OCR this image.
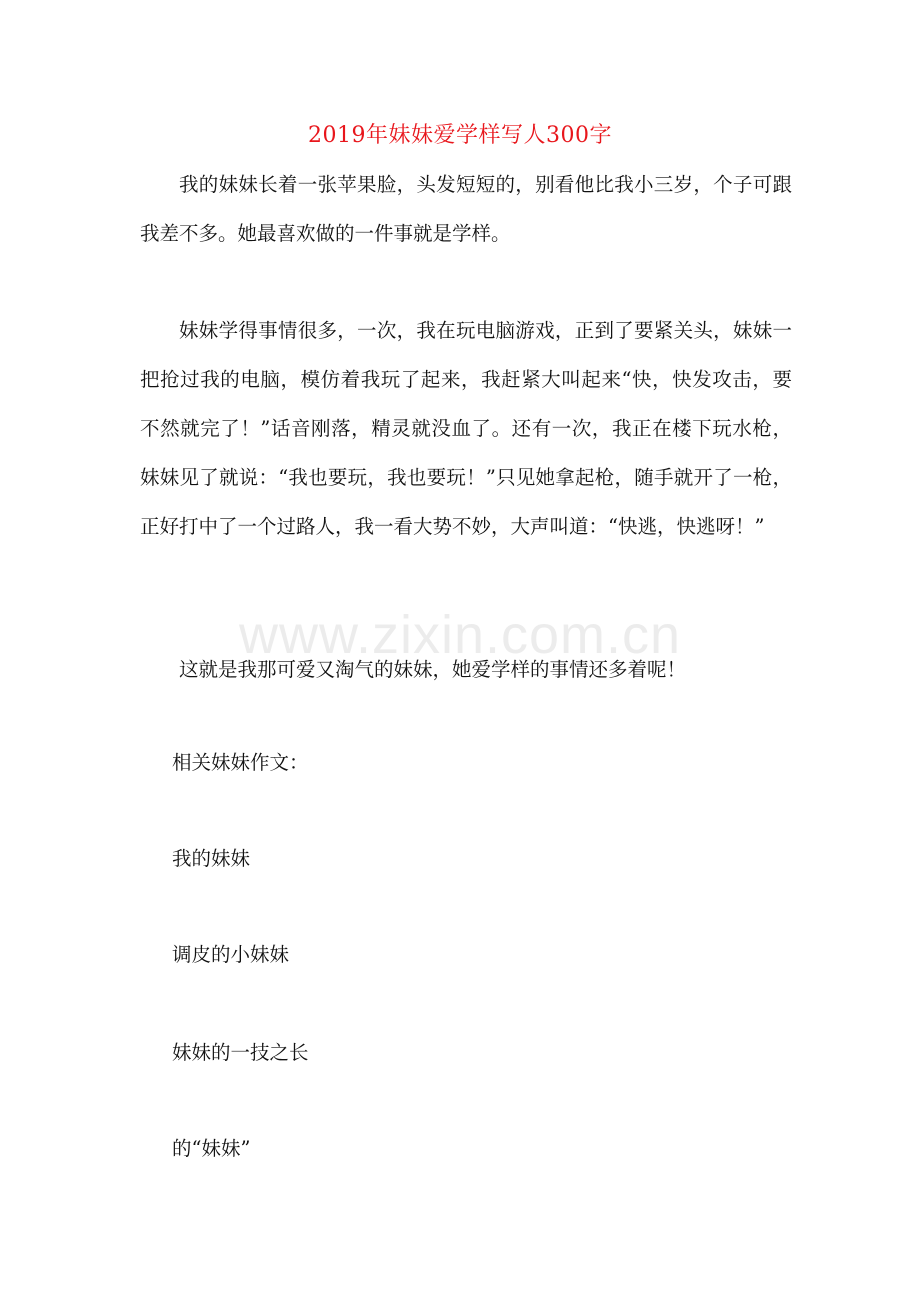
2019年妹妹爱学样写人300字

我的妹妹长着一张苹果脸，头发短短的，别看他比我小三岁，个子可跟我差不多。她最喜欢做的一件事就是学样。

妹妹学得事情很多，一次，我在玩电脑游戏，正到了要紧关头，妹妹一把抢过我的电脑，模仿着我玩了起来，我赶紧大叫起来“快，快发攻击，要不然就完了！”话音刚落，精灵就没血了。还有一次，我正在楼下玩水枪，妹妹见了就说：“我也要玩，我也要玩！”只见她拿起枪，随手就开了一枪，正好打中了一个过路人，我一看大势不妙，大声叫道：“快逃，快逃呀！”

www.zixin.com.cn

这就是我那可爱又淘气的妹妹，她爱学样的事情还多着呢！

相关妹妹作文：

我的妹妹

调皮的小妹妹

妹妹的一技之长

的“妹妹”
